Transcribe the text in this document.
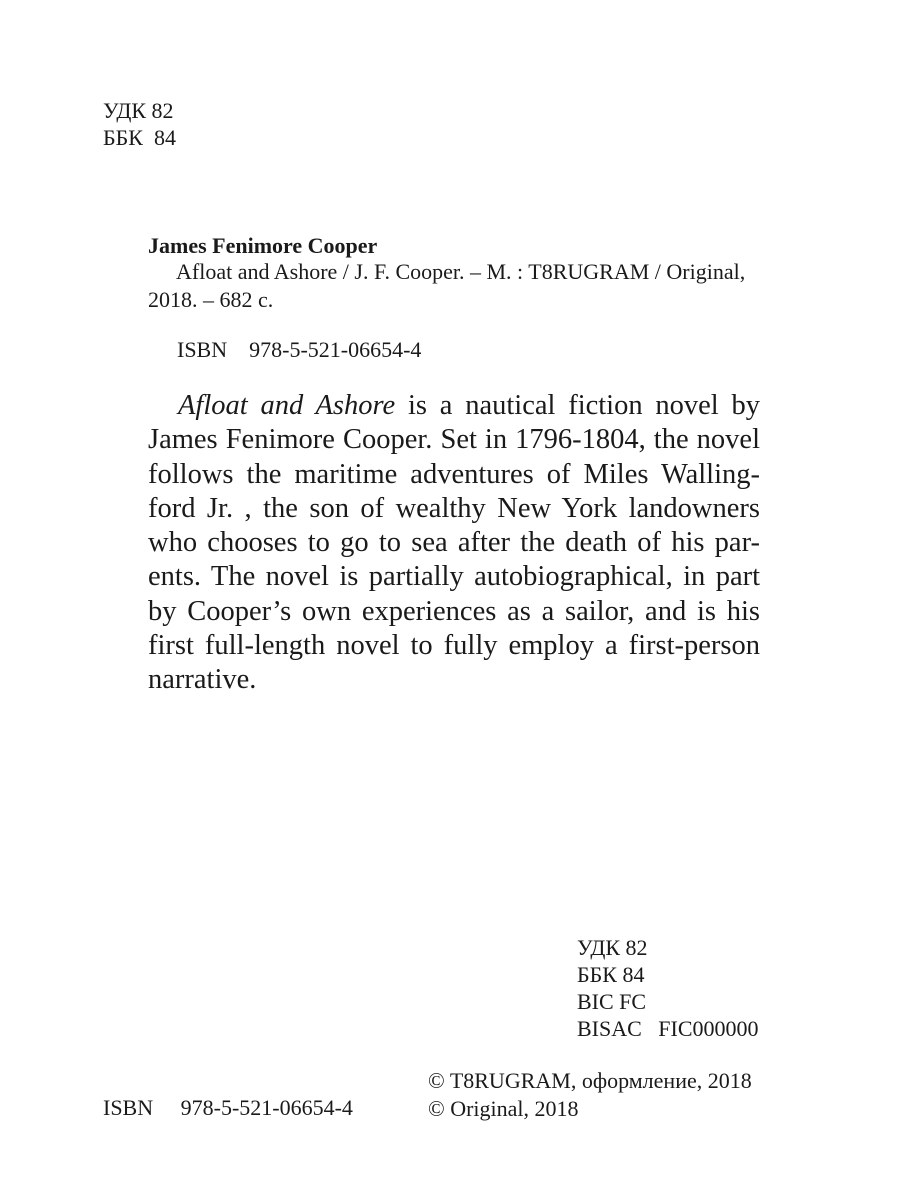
УДК 82
ББК  84
James Fenimore Cooper
Afloat and Ashore / J. F. Cooper. – M. : T8RUGRAM / Original,
2018. – 682 с.
ISBN    978-5-521-06654-4
Afloat and Ashore is a nautical fiction novel by
James Fenimore Cooper. Set in 1796-1804, the novel
follows the maritime adventures of Miles Walling-
ford Jr. , the son of wealthy New York landowners
who chooses to go to sea after the death of his par-
ents. The novel is partially autobiographical, in part
by Cooper’s own experiences as a sailor, and is his
first full-length novel to fully employ a first-person
narrative.
УДК 82
ББК 84
BIC FC
BISAC   FIC000000
© T8RUGRAM, оформление, 2018
© Original, 2018
ISBN     978-5-521-06654-4
